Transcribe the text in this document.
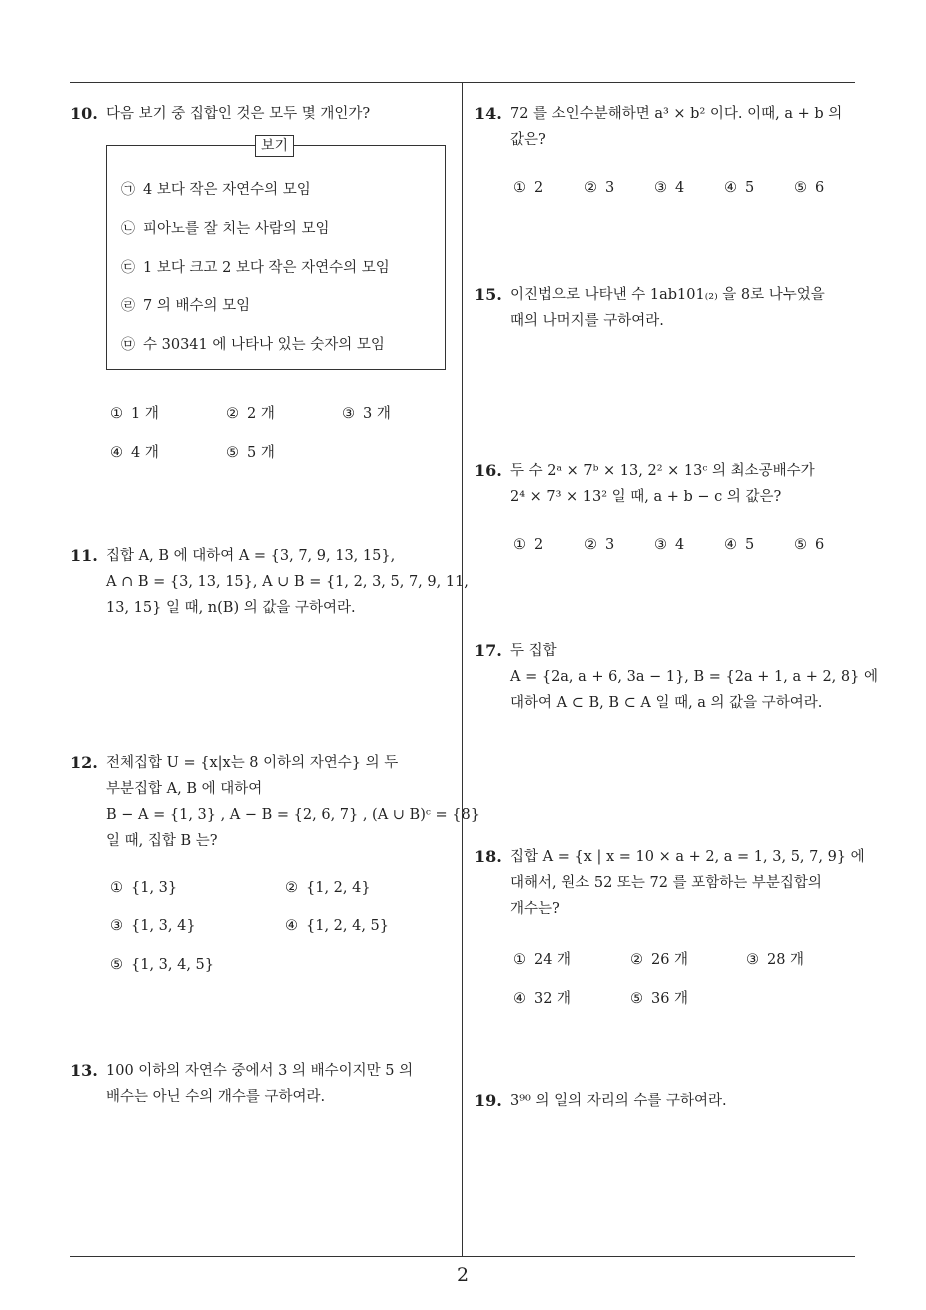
10. 다음 보기 중 집합인 것은 모두 몇 개인가?
보기
㉠ 4 보다 작은 자연수의 모임
㉡ 피아노를 잘 치는 사람의 모임
㉢ 1 보다 크고 2 보다 작은 자연수의 모임
㉣ 7 의 배수의 모임
㉤ 수 30341 에 나타나 있는 숫자의 모임
① 1 개	② 2 개	③ 3 개
④ 4 개	⑤ 5 개
11. 집합 A, B 에 대하여 A = {3, 7, 9, 13, 15},
A ∩ B = {3, 13, 15}, A ∪ B = {1, 2, 3, 5, 7, 9, 11,
13, 15} 일 때, n(B) 의 값을 구하여라.
12. 전체집합 U = {x|x는 8 이하의 자연수} 의 두
부분집합 A, B 에 대하여
B − A = {1, 3} , A − B = {2, 6, 7} , (A ∪ B)ᶜ = {8}
일 때, 집합 B 는?
① {1, 3}	② {1, 2, 4}
③ {1, 3, 4}	④ {1, 2, 4, 5}
⑤ {1, 3, 4, 5}
13. 100 이하의 자연수 중에서 3 의 배수이지만 5 의
배수는 아닌 수의 개수를 구하여라.
14. 72 를 소인수분해하면 a³ × b² 이다. 이때, a + b 의
값은?
① 2	② 3	③ 4	④ 5	⑤ 6
15. 이진법으로 나타낸 수 1ab101₍₂₎ 을 8로 나누었을
때의 나머지를 구하여라.
16. 두 수 2ᵃ × 7ᵇ × 13, 2² × 13ᶜ 의 최소공배수가
2⁴ × 7³ × 13² 일 때, a + b − c 의 값은?
① 2	② 3	③ 4	④ 5	⑤ 6
17. 두 집합
A = {2a, a + 6, 3a − 1}, B = {2a + 1, a + 2, 8} 에
대하여 A ⊂ B, B ⊂ A 일 때, a 의 값을 구하여라.
18. 집합 A = {x | x = 10 × a + 2, a = 1, 3, 5, 7, 9} 에
대해서, 원소 52 또는 72 를 포함하는 부분집합의
개수는?
① 24 개	② 26 개	③ 28 개
④ 32 개	⑤ 36 개
19. 3⁹⁰ 의 일의 자리의 수를 구하여라.
2
